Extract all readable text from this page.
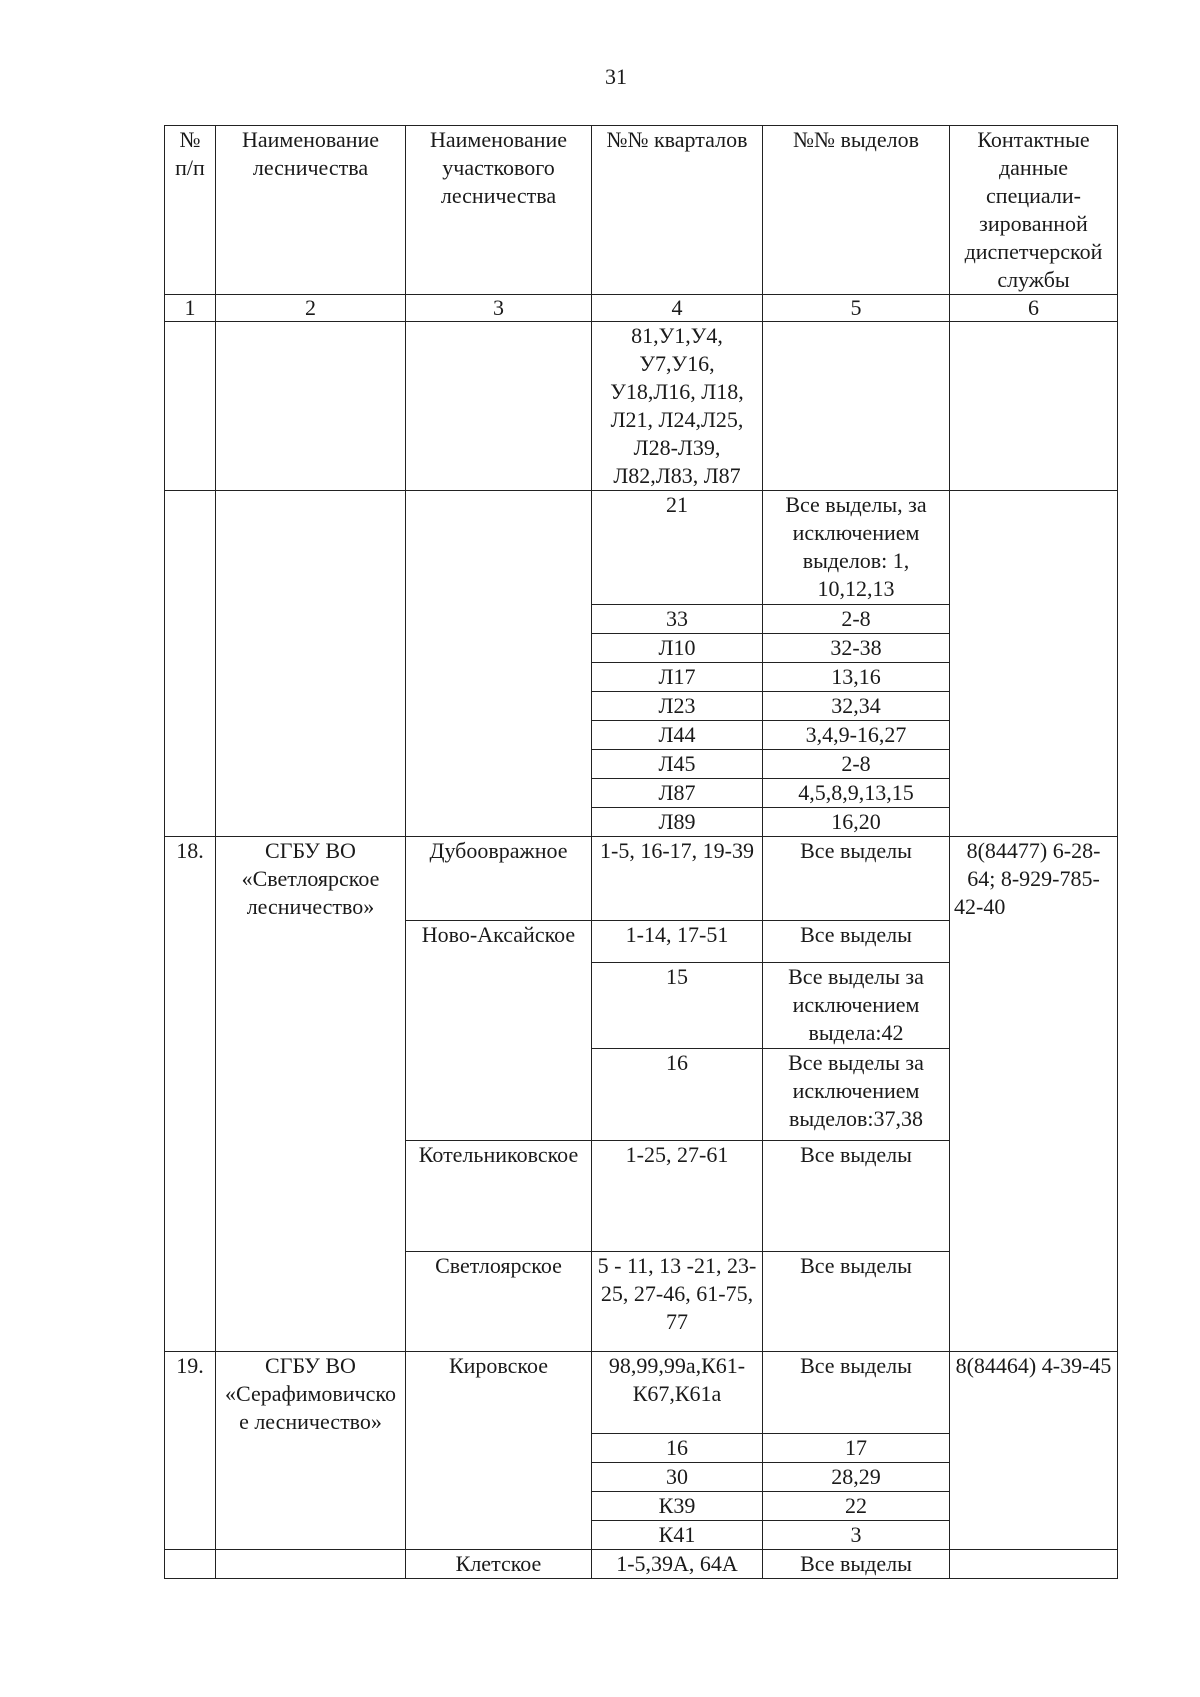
31
№ п/п	Наименование лесничества	Наименование участкового лесничества	№№ кварталов	№№ выделов	Контактные данные специали-зированной диспетчерской службы
1	2	3	4	5	6
			81,У1,У4, У7,У16, У18,Л16, Л18, Л21, Л24,Л25, Л28-Л39, Л82,Л83, Л87		
			21	Все выделы, за исключением выделов: 1, 10,12,13	
			33	2-8	
			Л10	32-38	
			Л17	13,16	
			Л23	32,34	
			Л44	3,4,9-16,27	
			Л45	2-8	
			Л87	4,5,8,9,13,15	
			Л89	16,20	
18.	СГБУ ВО «Светлоярское лесничество»	Дубоовражное	1-5, 16-17, 19-39	Все выделы	8(84477) 6-28-64; 8-929-785-42-40
		Ново-Аксайское	1-14, 17-51	Все выделы	
			15	Все выделы за исключением выдела:42	
			16	Все выделы за исключением выделов:37,38	
		Котельниковское	1-25, 27-61	Все выделы	
		Светлоярское	5 - 11, 13 -21, 23-25, 27-46, 61-75, 77	Все выделы	
19.	СГБУ ВО «Серафимовичское лесничество»	Кировское	98,99,99а,К61-К67,К61а	Все выделы	8(84464) 4-39-45
			16	17	
			30	28,29	
			К39	22	
			К41	3	
		Клетское	1-5,39А, 64А	Все выделы	
